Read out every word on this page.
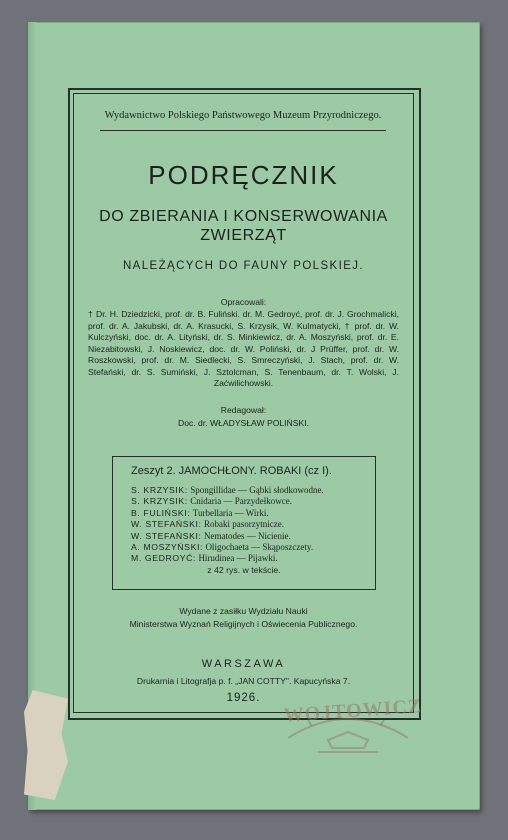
Wydawnictwo Polskiego Państwowego Muzeum Przyrodniczego.
PODRĘCZNIK
DO ZBIERANIA I KONSERWOWANIA
ZWIERZĄT
NALEŻĄCYCH DO FAUNY POLSKIEJ.
Opracowali:
† Dr. H. Dziedzicki, prof. dr. B. Fuliński. dr. M. Gedroyć, prof. dr. J. Grochmalicki, prof. dr. A. Jakubski, dr. A. Krasucki, S. Krzysik, W. Kulmatycki, † prof. dr. W. Kulczyński, doc. dr. A. Lityński, dr. S. Minkiewicz, dr. A. Moszyński, prof. dr. E. Niezabitowski, J. Noskiewicz, doc. dr. W. Poliński, dr. J Prüffer, prof. dr. W. Roszkowski, prof. dr. M. Siedlecki, S. Smreczyński, J. Stach, prof. dr. W. Stefański, dr. S. Sumiński, J. Sztolcman, S. Tenenbaum, dr. T. Wolski, J. Zaćwilichowski.
Redagował:
Doc. dr. WŁADYSŁAW POLIŃSKI.
Zeszyt 2. JAMOCHŁONY. ROBAKI (cz I).
S. KRZYSIK: Spongillidae — Gąbki słodkowodne.
S. KRZYSIK: Cnidaria — Parzydełkowce.
B. FULIŃSKI: Turbellaria — Wirki.
W. STEFAŃSKI: Robaki pasorzytnicze.
W. STEFAŃSKI: Nematodes — Nicienie.
A. MOSZYŃSKI: Oligochaeta — Skąposzczety.
M. GEDROYĆ: Hirudinea — Pijawki.
z 42 rys. w tekście.
Wydane z zasiłku Wydziału Nauki
Ministerstwa Wyznań Religijnych i Oświecenia Publicznego.
WARSZAWA
Drukarnia i Litografja p. f. „JAN COTTY". Kapucyńska 7.
1926.	WOJTOWICZ
